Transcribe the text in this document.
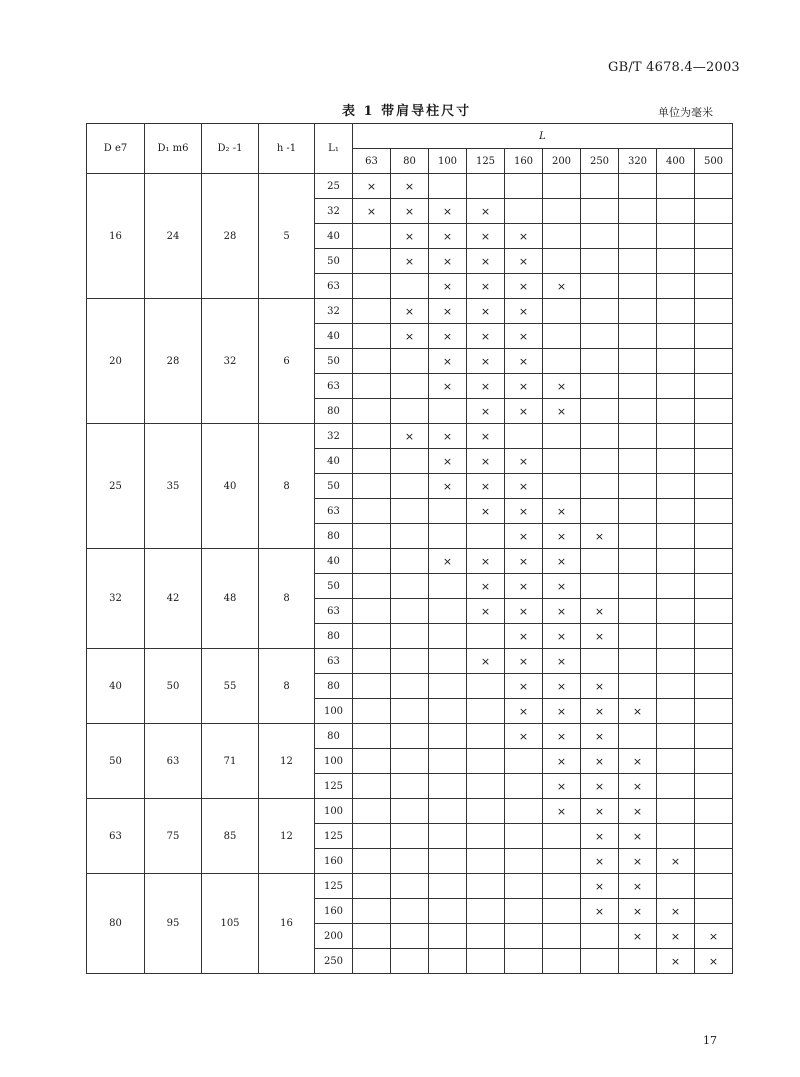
GB/T 4678.4—2003
表 1 带肩导柱尺寸	单位为毫米
D e7	D₁ m6	D₂ -1	h -1	L₁	L									
					63	80	100	125	160	200	250	320	400	500
16	24	28	5	25	×	×								
				32	×	×	×	×						
				40		×	×	×	×					
				50		×	×	×	×					
				63			×	×	×	×				
20	28	32	6	32		×	×	×	×					
				40		×	×	×	×					
				50			×	×	×					
				63			×	×	×	×				
				80				×	×	×				
25	35	40	8	32		×	×	×						
				40			×	×	×					
				50			×	×	×					
				63				×	×	×				
				80					×	×	×			
32	42	48	8	40			×	×	×	×				
				50				×	×	×				
				63				×	×	×	×			
				80					×	×	×			
40	50	55	8	63				×	×	×				
				80					×	×	×			
				100					×	×	×	×		
50	63	71	12	80					×	×	×			
				100						×	×	×		
				125						×	×	×		
63	75	85	12	100						×	×	×		
				125							×	×		
				160							×	×	×	
80	95	105	16	125							×	×		
				160							×	×	×	
				200								×	×	×
				250									×	×
17
